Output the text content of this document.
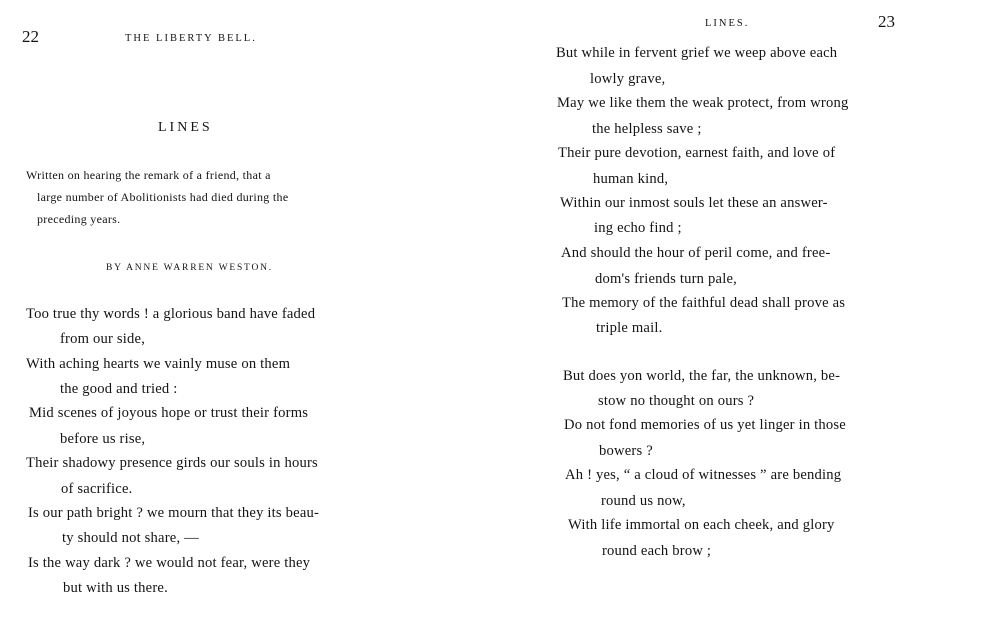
22	THE LIBERTY BELL.
LINES
Written on hearing the remark of a friend, that a
large number of Abolitionists had died during the
preceding years.
BY ANNE WARREN WESTON.
Too true thy words ! a glorious band have faded
from our side,
With aching hearts we vainly muse on them
the good and tried :
Mid scenes of joyous hope or trust their forms
before us rise,
Their shadowy presence girds our souls in hours
of sacrifice.
Is our path bright ? we mourn that they its beau-
ty should not share, —
Is the way dark ? we would not fear, were they
but with us there.
LINES.	23
But while in fervent grief we weep above each
lowly grave,
May we like them the weak protect, from wrong
the helpless save ;
Their pure devotion, earnest faith, and love of
human kind,
Within our inmost souls let these an answer-
ing echo find ;
And should the hour of peril come, and free-
dom's friends turn pale,
The memory of the faithful dead shall prove as
triple mail.
But does yon world, the far, the unknown, be-
stow no thought on ours ?
Do not fond memories of us yet linger in those
bowers ?
Ah ! yes, “ a cloud of witnesses ” are bending
round us now,
With life immortal on each cheek, and glory
round each brow ;
